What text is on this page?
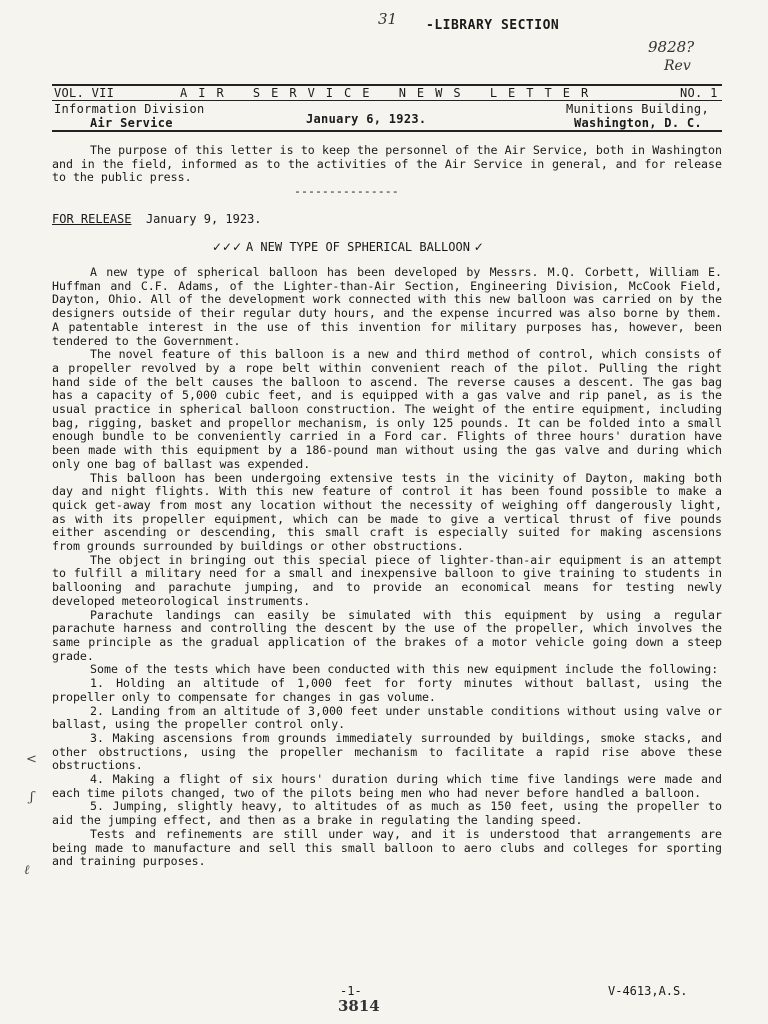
31
9828?
Rev
-LIBRARY SECTION
VOL. VII	AIR SERVICE NEWS LETTER	NO. 1
Information Division
Air Service	January 6, 1923.
Munitions Building,
Washington, D. C.
The purpose of this letter is to keep the personnel of the Air Service, both in Washington and in the field, informed as to the activities of the Air Service in general, and for release to the public press.
---------------
FOR RELEASE January 9, 1923.
✓✓✓ A NEW TYPE OF SPHERICAL BALLOON ✓

A new type of spherical balloon has been developed by Messrs. M.Q. Corbett, William E. Huffman and C.F. Adams, of the Lighter-than-Air Section, Engineering Division, McCook Field, Dayton, Ohio. All of the development work connected with this new balloon was carried on by the designers outside of their regular duty hours, and the expense incurred was also borne by them. A patentable interest in the use of this invention for military purposes has, however, been tendered to the Government.

The novel feature of this balloon is a new and third method of control, which consists of a propeller revolved by a rope belt within convenient reach of the pilot. Pulling the right hand side of the belt causes the balloon to ascend. The reverse causes a descent. The gas bag has a capacity of 5,000 cubic feet, and is equipped with a gas valve and rip panel, as is the usual practice in spherical balloon construction. The weight of the entire equipment, including bag, rigging, basket and propellor mechanism, is only 125 pounds. It can be folded into a small enough bundle to be conveniently carried in a Ford car. Flights of three hours' duration have been made with this equipment by a 186-pound man without using the gas valve and during which only one bag of ballast was expended.

This balloon has been undergoing extensive tests in the vicinity of Dayton, making both day and night flights. With this new feature of control it has been found possible to make a quick get-away from most any location without the necessity of weighing off dangerously light, as with its propeller equipment, which can be made to give a vertical thrust of five pounds either ascending or descending, this small craft is especially suited for making ascensions from grounds surrounded by buildings or other obstructions.

The object in bringing out this special piece of lighter-than-air equipment is an attempt to fulfill a military need for a small and inexpensive balloon to give training to students in ballooning and parachute jumping, and to provide an economical means for testing newly developed meteorological instruments.

Parachute landings can easily be simulated with this equipment by using a regular parachute harness and controlling the descent by the use of the propeller, which involves the same principle as the gradual application of the brakes of a motor vehicle going down a steep grade.

Some of the tests which have been conducted with this new equipment include the following:

1. Holding an altitude of 1,000 feet for forty minutes without ballast, using the propeller only to compensate for changes in gas volume.

2. Landing from an altitude of 3,000 feet under unstable conditions without using valve or ballast, using the propeller control only.

3. Making ascensions from grounds immediately surrounded by buildings, smoke stacks, and other obstructions, using the propeller mechanism to facilitate a rapid rise above these obstructions.

4. Making a flight of six hours' duration during which time five landings were made and each time pilots changed, two of the pilots being men who had never before handled a balloon.

5. Jumping, slightly heavy, to altitudes of as much as 150 feet, using the propeller to aid the jumping effect, and then as a brake in regulating the landing speed.

Tests and refinements are still under way, and it is understood that arrangements are being made to manufacture and sell this small balloon to aero clubs and colleges for sporting and training purposes.

<
ʃ
ℓ
-1-
3814
V-4613,A.S.
